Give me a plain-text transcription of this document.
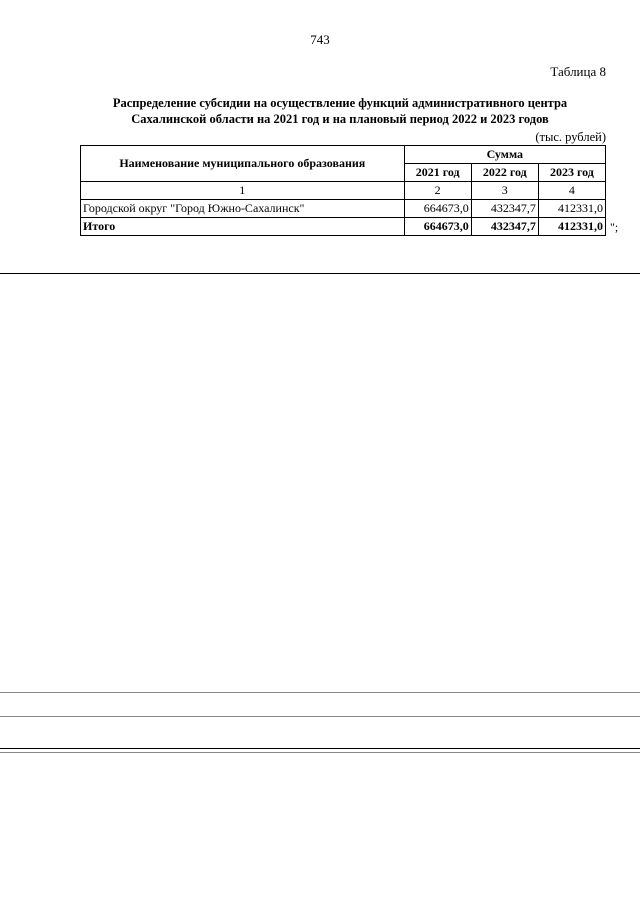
743
Таблица 8
Распределение субсидии на осуществление функций административного центра
Сахалинской области на 2021 год и на плановый период 2022 и 2023 годов
(тыс. рублей)
Наименование муниципального образования	Сумма		
	2021 год	2022 год	2023 год
1	2	3	4
Городской округ "Город Южно-Сахалинск"	664673,0	432347,7	412331,0
Итого	664673,0	432347,7	412331,0 ";
